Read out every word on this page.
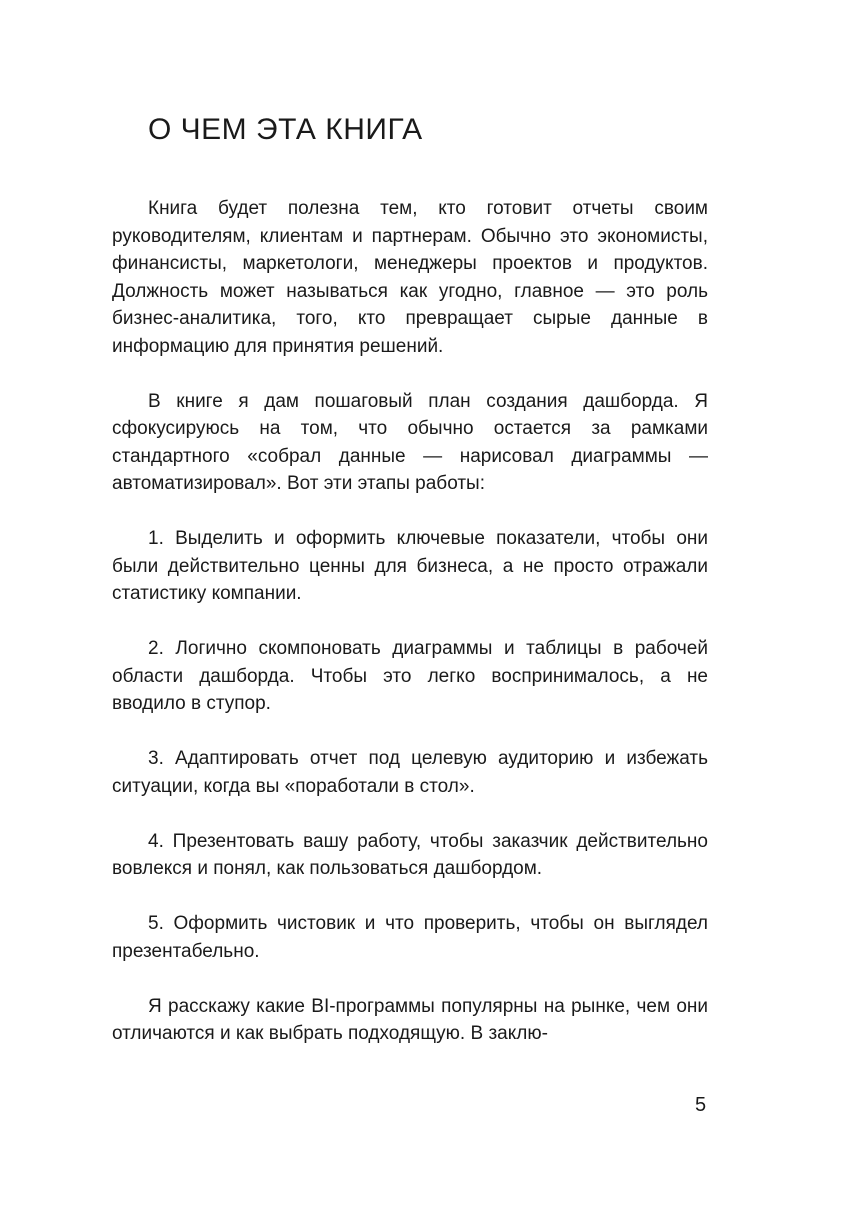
О ЧЕМ ЭТА КНИГА

Книга будет полезна тем, кто готовит отчеты своим руководителям, клиентам и партнерам. Обычно это экономисты, финансисты, маркетологи, менеджеры проектов и продуктов. Должность может называться как угодно, главное — это роль бизнес-аналитика, того, кто превращает сырые данные в информацию для принятия решений.

В книге я дам пошаговый план создания дашборда. Я сфокусируюсь на том, что обычно остается за рамками стандартного «собрал данные — нарисовал диаграммы — автоматизировал». Вот эти этапы работы:

1. Выделить и оформить ключевые показатели, чтобы они были действительно ценны для бизнеса, а не просто отражали статистику компании.

2. Логично скомпоновать диаграммы и таблицы в рабочей области дашборда. Чтобы это легко воспринималось, а не вводило в ступор.

3. Адаптировать отчет под целевую аудиторию и избежать ситуации, когда вы «поработали в стол».

4. Презентовать вашу работу, чтобы заказчик действительно вовлекся и понял, как пользоваться дашбордом.

5. Оформить чистовик и что проверить, чтобы он выглядел презентабельно.

Я расскажу какие BI-программы популярны на рынке, чем они отличаются и как выбрать подходящую. В заклю-

5
